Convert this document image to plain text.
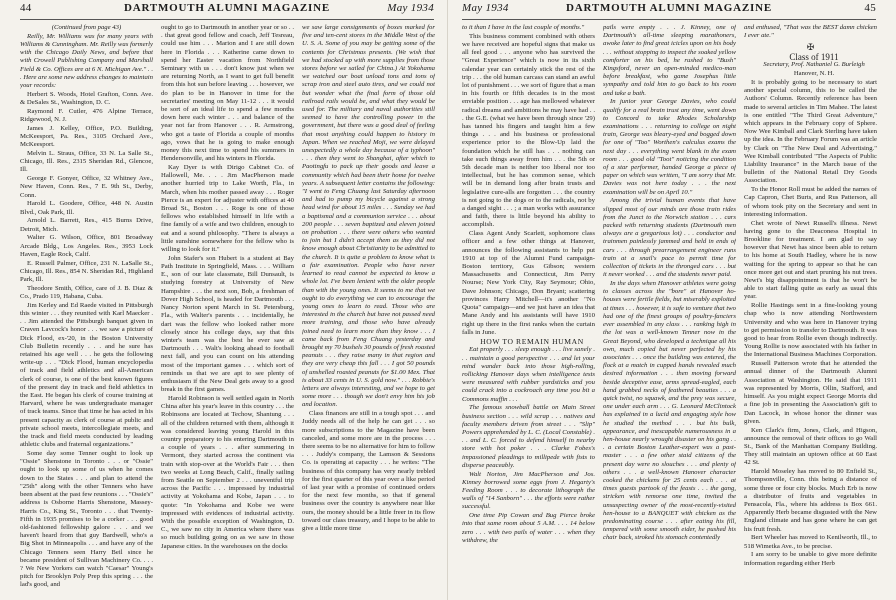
44	DARTMOUTH ALUMNI MAGAZINE	May 1934

(Continued from page 43)

Reilly, Mr. Williams was for many years with Williams & Cunningham. Mr. Reilly was formerly with the Chicago Daily News, and before that with Crowell Publishing Company and Marshall Field & Co. Offices are at 6 N. Michigan Ave." . . . Here are some new address changes to maintain your records:

Herbert S. Woods, Hotel Grafton, Conn. Ave. & DeSales St., Washington, D. C.

Raymond F. Cutler, 476 Alpine Terrace, Ridgewood, N. J.

James J. Kelley, Office, P.O. Building, McKeesport, Pa. Res., 3105 Orchard Ave., McKeesport.

Melvin L. Straus, Office, 33 N. La Salle St., Chicago, Ill. Res., 2315 Sheridan Rd., Glencoe, Ill.

George F. Gonyer, Office, 32 Whitney Ave., New Haven, Conn. Res., 7 E. 9th St., Derby, Conn.

Harold L. Goodere, Office, 448 N. Austin Blvd., Oak Park, Ill.

Arnold L. Barrett, Res., 415 Burns Drive, Detroit, Mich.

Walter G. Wilson, Office, 801 Broadway Arcade Bldg., Los Angeles. Res., 3953 Lock Haven, Eagle Rock, Calif.

E. Russell Palmer, Office, 231 N. LaSalle St., Chicago, Ill. Res., 854 N. Sheridan Rd., Highland Park, Ill.

Theodore Smith, Office, care of J. B. Diaz & Co., Prado 119, Habana, Cuba.

Jim Kerley and Ed Raede visited in Pittsburgh this winter . . . they reunited with Karl Maecker . . . Jim attended the Pittsburgh banquet given in Craven Lavcock's honor . . . we saw a picture of Dick Flood, ex-'20, in the Boston University Club Bulletin recently . . . and he sure has retained his age well . . . he gets the following write-up . . . "Dick Flood, human encyclopedia of track and field athletics and all-American clerk of course, is one of the best known figures of the present day in track and field athletics in the East. He began his clerk of course training at Harvard, where he was undergraduate manager of track teams. Since that time he has acted in his present capacity as clerk of course at public and private school meets, intercollegiate meets, and the track and field meets conducted by leading athletic clubs and fraternal organizations."

Some day some Tenner ought to look up "Ossie" Shenstone in Toronto . . . or "Ossie" ought to look up some of us when he comes down to the States . . . and plan to attend the "25th" along with the other Tenners who have been absent at the past few reunions . . . "Ossie's" address is Osborne Harris Shenstone, Massey-Harris Co., King St., Toronto . . . that Twenty-Fifth in 1935 promises to be a corker . . . good old-fashioned fellowship galore . . . and we haven't heard from that guy Bardwell, who's a Big Shot in Minneapolis . . . and have any of the Chicago Tenners seen Harry Beil since he became president of Sullivan Machinery Co. . . . ? We New Yorkers can watch "Caesar" Young's pitch for Brooklyn Poly Prep this spring . . . the lad's good, and

ought to go to Dartmouth in another year or so . . . that great good fellow and coach, Jeff Tesreau, could use him . . . Marion and I are still down here in Florida . . . Katherine came down to spend her Easter vacation from Northfield Seminary with us . . . don't know just when we are returning North, as I want to get full benefit from this hot sun before leaving . . . however, we do plan to be in Hanover in time for the secretaries' meeting on May 11-12 . . . it would be sort of an ideal life to spend a few months down here each winter . . . and balance of the year not far from Hanover . . . R. Armstrong, who got a taste of Florida a couple of months ago, vows that he is going to make enough money this next time to spend his summers in Hendersonville, and his winters in Florida.

Kay Dyer is with Dirigo Cabinet Co. of Hallowell, Me. . . . Jim MacPherson made another hurried trip to Lake Worth, Fla., in March, when his mother passed away . . . Roger Pierce is an expert for adjuster with offices at 40 Broad St., Boston . . . Roge is one of those fellows who established himself in life with a fine family of a wife and two children, enough to eat and a sound philosophy. "There is always a little sunshine somewhere for the fellow who is willing to look for it."

John Stafer's son Hubert is a student at Bay Path Institute in Springfield, Mass. . . . William E., son of our late classmate, Bill Dunsault, is studying forestry at University of New Hampshire . . . the next son, Bob, a freshman of Dover High School, is headed for Dartmouth . . . Nancy Norton spent March in St. Petersburg, Fla., with Walter's parents . . . incidentally, he dart was the fellow who looked rather more closely since his college days, say that this winter's team was the best he ever saw at Dartmouth . . . Walt's looking ahead to football next fall, and you can count on his attending most of the important games . . . which sort of reminds us that we are apt to see plenty of enthusiasm if the New Deal gets away to a good break in the first games.

Harold Robinson is well settled again in North China after his year's leave in this country . . . the Robinsons are located at Techow, Shantung . . . all of the children returned with them, although it was considered leaving young Harold in this country preparatory to his entering Dartmouth in a couple of years . . . after summering in Vermont, they started across the continent via train with stop-over at the World's Fair . . . then two weeks at Long Beach, Calif., finally sailing from Seattle on September 2 . . . uneventful trip across the Pacific . . . impressed by industrial activity at Yokohama and Kobe, Japan . . . to quote: "In Yokohama and Kobe we were impressed with evidences of industrial activity. With the possible exception of Washington, D. C., we saw no city in America where there was so much building going on as we saw in those Japanese cities. In the warehouses on the docks

we saw large consignments of boxes marked for five and ten-cent stores in the Middle West of the U. S. A. Some of you may be getting some of the contents for Christmas presents. (We wish that we had stocked up with more supplies from those stores before we sailed for China.) At Yokohama we watched our boat unload tons and tons of scrap iron and steel auto tires, and we could not but wonder what the final form of those old railroad rails would be, and what they would be used for. The military and naval authorities still seemed to have the controlling power in the government, but there was a good deal of feeling that most anything could happen to history in Japan. When we reached Moji, we were delayed unexpectedly a whole day because of a typhoon" . . . then they went to Shanghai, after which to Paotingfu to pack up their goods and leave a community which had been their home for twelve years. A subsequent letter contains the following: "I went to Feng Chuang last Saturday afternoon and had to pump my bicycle against a strong head wind for about 15 miles . . . Sunday we had a baptismal and a communion service . . . about 200 people . . . seven baptized and eleven joined on probation . . . there were others who wanted to join but I didn't accept them as they did not know enough about Christianity to be admitted to the church. It is quite a problem to know what is a fair examination. People who have never learned to read cannot be expected to know a whole lot. I've been lenient with the older people than with the young ones. It seems to me that we ought to do everything we can to encourage the young ones to learn to read. Those who are interested in the church but have not passed need more training, and those who have already joined need to learn more than they know . . . I came back from Feng Chuang yesterday and brought my 70 bushels 30 pounds of fresh roasted peanuts . . . they raise many in that region and they are very cheap this fall . . . I got 50 pounds of unshelled roasted peanuts for $1.00 Mex. That is about 33 cents in U. S. gold now." . . . Robbie's letters are always interesting, and we hope to get some more . . . though we don't envy him his job and location.

Class finances are still in a tough spot . . . and Juddy needs all of the help he can get . . . so more subscriptions to the Magazine have been canceled, and some more are in the process . . . there seems to be no alternative for him to follow . . . Juddy's company, the Lamson & Sessions Co. is operating at capacity . . . he writes: "The business of this company has very nearly trebled for the first quarter of this year over a like period of last year with a promise of continued orders for the next few months, so that if general business over the country is anywhere near like ours, the money should be a little freer in its flow toward our class treasury, and I hope to be able to give a little more time

May 1934	DARTMOUTH ALUMNI MAGAZINE	45

to it than I have in the last couple of months."

This business comment combined with others we have received are hopeful signs that make us all feel good . . . anyone who has survived the "Great Experience" which is now in its sixth calendar year can certainly stick the rest of the trip . . . the old human carcass can stand an awful lot of punishment . . . we sort of figure that a man in his fourth or fifth decades is in the most enviable position . . . age has mellowed whatever radical dreams and ambitions he may have had . . . the G.E. (what we have been through since '29) has tanned his fingers and taught him a few things . . . and his business or professional experience prior to the Blow-Up laid the foundation which he still has . . . nothing can take such things away from him . . . the 5th or 5th decade man is neither too liberal nor too intellectual, but he has common sense, which will be in demand long after brain trusts and legislative cure-alls are forgotten . . . the country is not going to the dogs or to the radicals, not by a danged sight . . . ; a man works with assurance and faith, there is little beyond his ability to accomplish.

Class Agent Andy Scarlett, sophomore class officer and a few other things at Hanover, announces the following assistants to help put 1910 at top of the Alumni Fund campaign-Boston territory, Gus Gibson; western Massachusetts and Connecticut, Jim Perry Nourse; New York City, Ray Seymour; Ohio, Dave Johnson; Chicago, Don Bryant; scattering provinces Harry Mitchell—it's another "No Quota" campaign—and we just have an idea that Mane Andy and his assistants will have 1910 right up there in the first ranks when the curtain falls in June.

HOW TO REMAIN HUMAN

Eat properly . . . sleep enough . . . live sanely . . . maintain a good perspective . . . and let your mind wander back into those high-rolling, rollicking Hanover days when intelligence tests were measured with rubber yardsticks and you could crack into a cockroach any time you bit a Commons muffin . . .

The famous snowball battle on Main Street business section . . . wild scrap . . . natives and faculty members driven from street . . . "Slip" Powers apprehended by L. C. (Local Constable) . . . and L. C. forced to defend himself in nearby store with hot poker . . . Clarke Fobes's impassioned pleadings to millipede with fists to disperse peaceably.

Walt Norton, Jim MacPherson and Jos. Kinney borrowed some eggs from J. Hegarty's Feeding Room . . . to decorate lithograph the walls of "14 Sanborn" . . . the efforts were rather successful.

One time Pip Cowan and Bug Pierce broke into that same room about 5 A.M. . . . 14 below zero . . . with two pails of water . . . when they withdrew, the

pails were empty . . . J. Kinney, one of Dartmouth's all-time sleeping marathoners, awoke later to find great icicles upon on his body . . . without stopping to inspect the soaked yellow comforter on his bed, he rushed to "Bush" Kingsford, never an open-minded medico-man before breakfast, who game Josephus little sympathy and told him to go back to his room and take a bath.

In junior year George Davies, who could qualify for a real brain trust any time, went down to Concord to take Rhodes Scholarship examinations . . . returning to college on night train, George was bleary-eyed and bogged down for one of "Too" Worthen's calculus exams the next day . . . everything went blank in the exam room . . . good old "Toot" noticing the condition of a star performer, handed George a piece of paper on which was written, "I am sorry that Mr. Davies was not here today . . . the next examination will be on April 10."

Among the trivial human events that have slipped most of our minds are those train rides from the Junct to the Norwich station . . . cars packed with returning students (Dartmouth men always are a gregarious lot) . . . conductor and trainmen painlessly jammed and held in ends of cars . . . through prearrangement engineer runs train at a snail's pace to permit time for collection of tickets in the thronged cars . . . but it never worked . . . and the students never paid.

In the days when Hanover athletes were going to classes across the "bore" at Hanover ho-houses were fertile fields, but miserably exploited at times . . . however, it is safe to venture that two had one of the finest groups of poultry-fanciers ever assembled in any class . . . ranking high in the lot was a well-known Tenner now in the Great Beyond, who developed a technique all his own, much copied but never perfected by his associates . . . once the building was entered, the flock at a match in cupped hands revealed much desired information . . . then moving forward beside deceptive ease, arms spread-eagled, each hand grabbed necks of feathered beauties . . . a quick twist, no squawk, and the prey was secure, one under each arm . . . G. Leonard McClintock has explained in a lucid and engaging style how he studied the method . . . but his bulk, appearance, and inescapable numerousness in a hen-house nearly wrought disaster on his gang . . . a certain Boston Leather-expert was a past-master . . . a few other staid citizens of the present day were no slouches . . . and plenty of others . . . a well-known Hanover character cooked the chickens for 25 cents each . . . at times guests partook of the feasts . . . the gang, stricken with remorse one time, invited the unsuspecting owner of the most-recently-visited hen-house to a BANQUET with chicken as the predominating course . . . after eating his fill, tempered with some smooth eider, he pushed his chair back, stroked his stomach contentedly

and enthused, "That was the BEST damn chicken I ever ate."

✠

Class of 1911

Secretary, Prof. Nathaniel G. Burleigh

Hanover, N. H.

It is probably going to be necessary to start another special column, this to be called the Authors' Column. Recently reference has been made to several articles in Tim Mahee. The latest is one entitled "The Third Great Adventure," which appears in the February copy of Sphere. Now Wee Kimball and Clark Sterling have taken up the idea. In the February Forum was an article by Clark on "The New Deal and Advertising." Wee Kimball contributed "The Aspects of Public Liability Insurance" in the March issue of the bulletin of the National Retail Dry Goods Association.

To the Honor Roll must be added the names of Cap Capron, Chet Burts, and Rus Patterson, all of whom took pity on the Secretary and sent in interesting information.

Chet wrote of Newt Russell's illness. Newt having gone to the Deaconess Hospital in Brookline for treatment. I am glad to say however that Newt has since been able to return to his home at South Hadley, where he is now waiting for the spring to appear so that he can once more get out and start pruning his nut trees. Newt's big disappointment is that he won't be able to start falling quite as early as usual this year.

Rollie Hastings sent in a fine-looking young chap who is now attending Northwestern University and who was here in Hanover trying to get permission to transfer to Dartmouth. It was good to hear from Rollie even though indirectly. Young Rollie is now associated with his father in the International Business Machines Corporation.

Russell Patterson wrote that he attended the annual dinner of the Dartmouth Alumni Association at Washington. He said that 1911 was represented by Morris, Ollin, Stafford, and himself. As you might expect George Morris did a fine job in presenting the Association's gift to Dan Lacock, in whose honor the dinner was given.

Ken Clark's firm, Jones, Clark, and Higson, announce the removal of their offices to go Wall St., Bank of the Manhattan Company Building. They still maintain an uptown office at 60 East 42 St.

Harold Moseley has moved to 80 Enfield St., Thompsonville, Conn. this being a distance of some three or four city blocks. Much Erb is now a distributor of fruits and vegetables in Pensacola, Fla., where his address is Box 661. Apparently Herb became disgusted with the New England climate and has gone where he can get his fruit fresh.

Bert Wheeler has moved to Kenilworth, Ill., to 518 Wimetka Ave., to be precise.

I am sorry to be unable to give more definite information regarding either Herb
